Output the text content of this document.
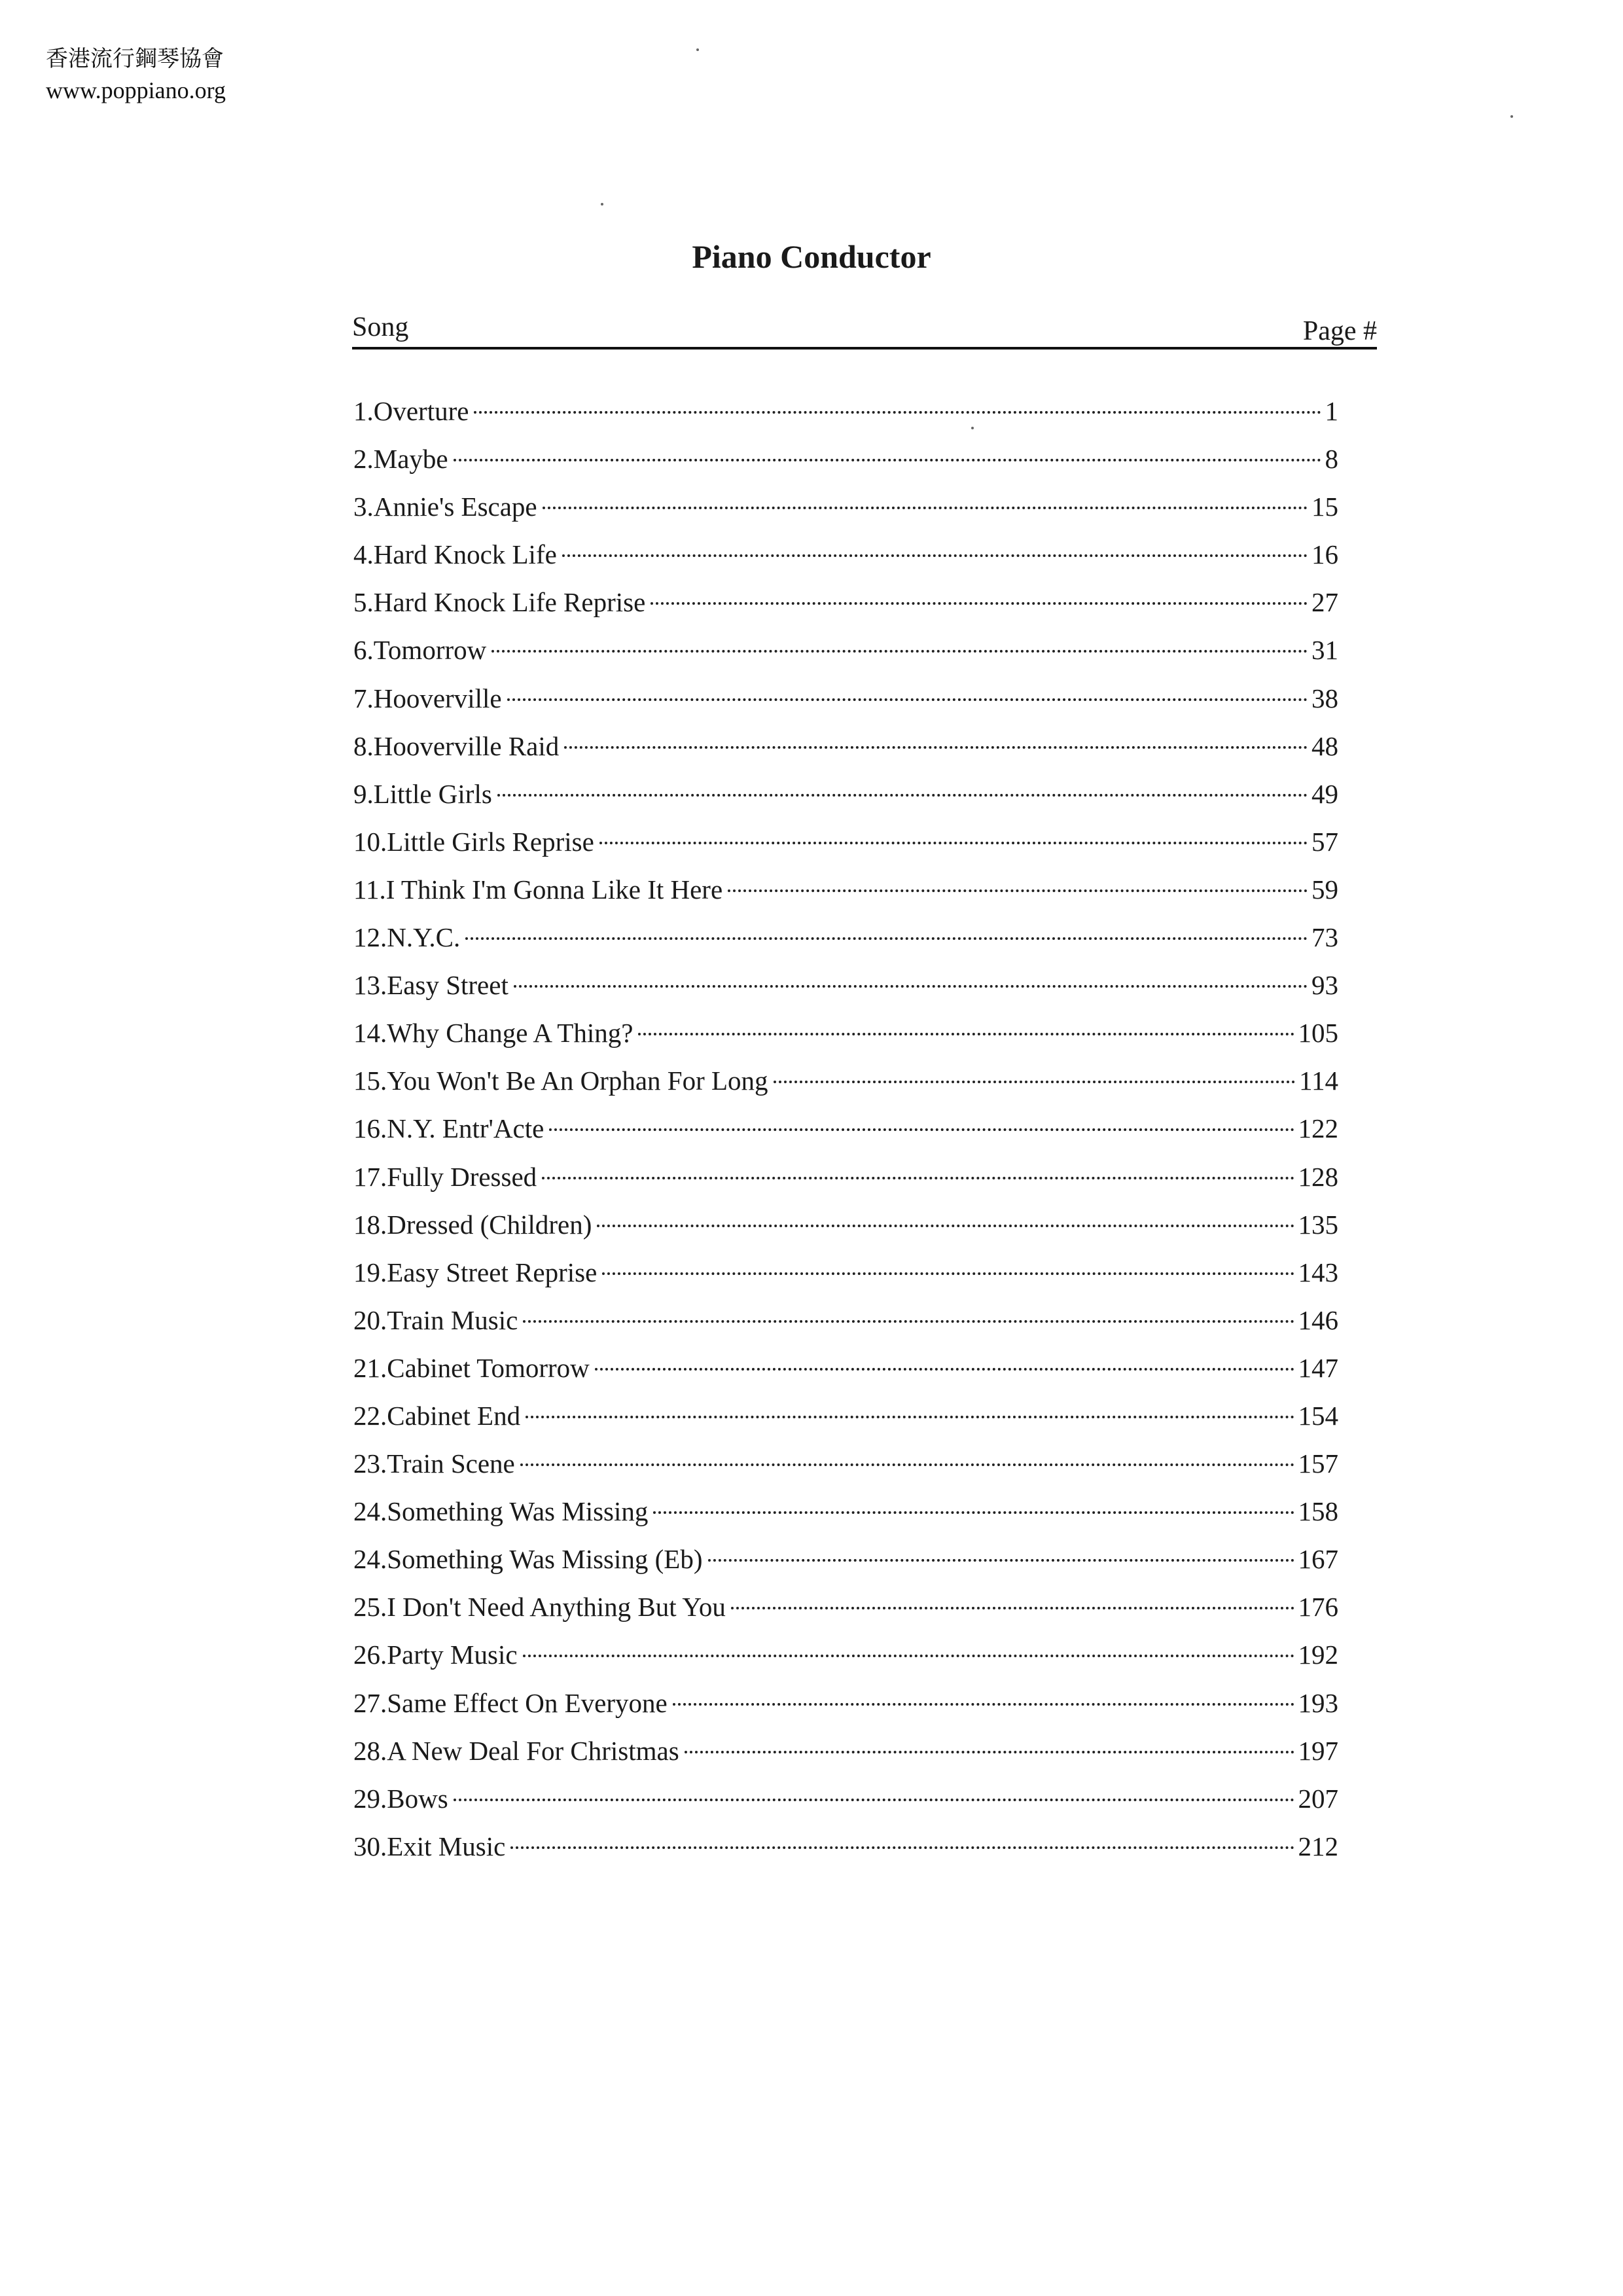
香港流行鋼琴協會
www.poppiano.org
Piano Conductor
Song	Page #
1. Overture	1
2. Maybe	8
3. Annie's Escape	15
4. Hard Knock Life	16
5. Hard Knock Life Reprise	27
6. Tomorrow	31
7. Hooverville	38
8. Hooverville Raid	48
9. Little Girls	49
10. Little Girls Reprise	57
11. I Think I'm Gonna Like It Here	59
12. N.Y.C.	73
13. Easy Street	93
14. Why Change A Thing?	105
15. You Won't Be An Orphan For Long	114
16. N.Y. Entr'Acte	122
17. Fully Dressed	128
18. Dressed (Children)	135
19. Easy Street Reprise	143
20. Train Music	146
21. Cabinet Tomorrow	147
22. Cabinet End	154
23. Train Scene	157
24. Something Was Missing	158
24. Something Was Missing (Eb)	167
25. I Don't Need Anything But You	176
26. Party Music	192
27. Same Effect On Everyone	193
28. A New Deal For Christmas	197
29. Bows	207
30. Exit Music	212
